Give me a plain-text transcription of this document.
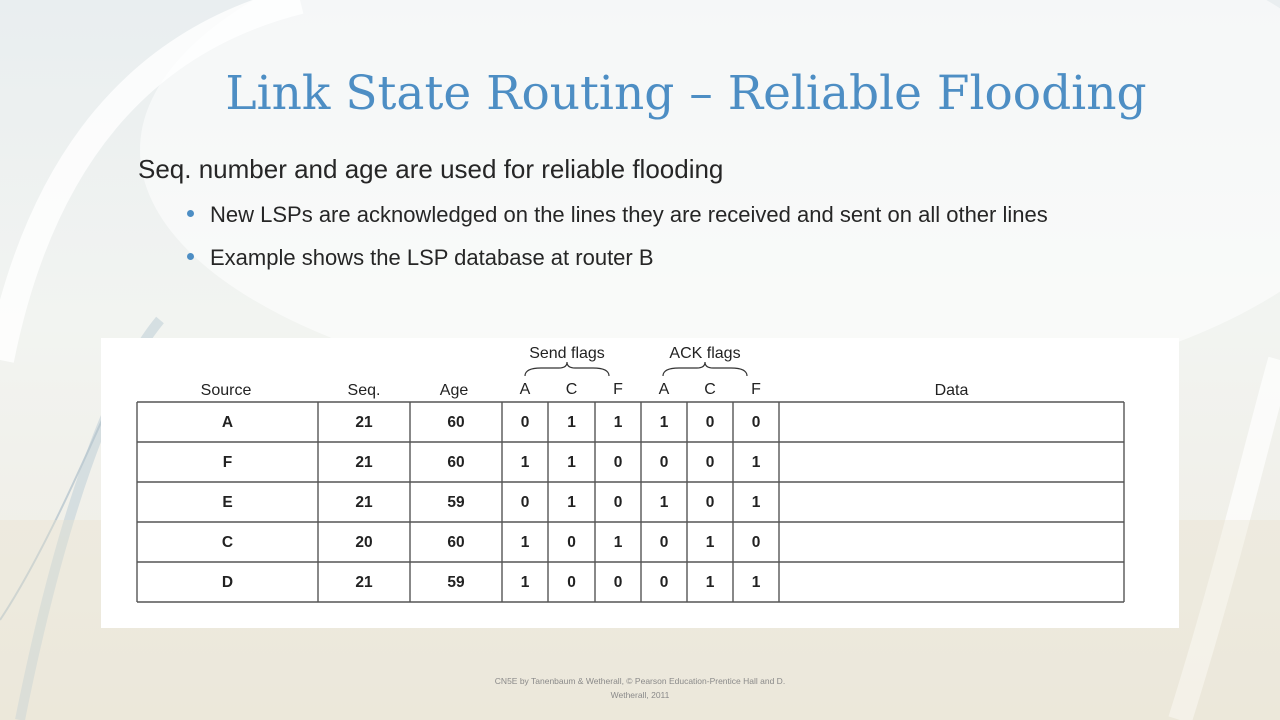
Link State Routing – Reliable Flooding

Seq. number and age are used for reliable flooding

New LSPs are acknowledged on the lines they are received and sent on all other lines

Example shows the LSP database at router B

Send flags	ACK flags
Source	Seq.	Age	A C F A C F	Data
A	21	60	0 1 1 1 0 0
F	21	60	1 1 0 0 0 1
E	21	59	0 1 0 1 0 1
C	20	60	1 0 1 0 1 0
D	21	59	1 0 0 0 1 1
CN5E by Tanenbaum & Wetherall, © Pearson Education-Prentice Hall and D. Wetherall, 2011
